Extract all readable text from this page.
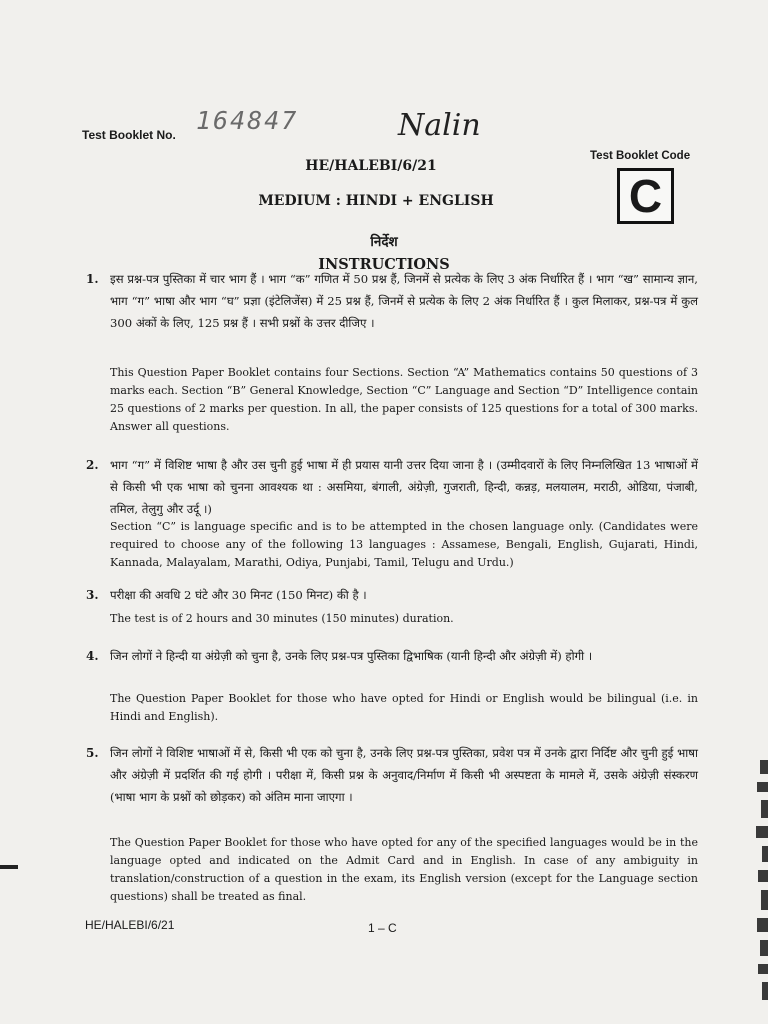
Test Booklet No. 164847	Nalin
Test Booklet Code
C
HE/HALEBI/6/21
MEDIUM : HINDI + ENGLISH
निर्देश
INSTRUCTIONS
1. इस प्रश्न-पत्र पुस्तिका में चार भाग हैं । भाग “क” गणित में 50 प्रश्न हैं, जिनमें से प्रत्येक के लिए 3 अंक निर्धारित हैं । भाग “ख” सामान्य ज्ञान, भाग “ग” भाषा और भाग “घ” प्रज्ञा (इंटेलिजेंस) में 25 प्रश्न हैं, जिनमें से प्रत्येक के लिए 2 अंक निर्धारित हैं । कुल मिलाकर, प्रश्न-पत्र में कुल 300 अंकों के लिए, 125 प्रश्न हैं । सभी प्रश्नों के उत्तर दीजिए ।
This Question Paper Booklet contains four Sections. Section “A” Mathematics contains 50 questions of 3 marks each. Section “B” General Knowledge, Section “C” Language and Section “D” Intelligence contain 25 questions of 2 marks per question. In all, the paper consists of 125 questions for a total of 300 marks. Answer all questions.
2. भाग “ग” में विशिष्ट भाषा है और उस चुनी हुई भाषा में ही प्रयास यानी उत्तर दिया जाना है । (उम्मीदवारों के लिए निम्नलिखित 13 भाषाओं में से किसी भी एक भाषा को चुनना आवश्यक था : असमिया, बंगाली, अंग्रेज़ी, गुजराती, हिन्दी, कन्नड़, मलयालम, मराठी, ओडिया, पंजाबी, तमिल, तेलुगु और उर्दू ।)
Section “C” is language specific and is to be attempted in the chosen language only. (Candidates were required to choose any of the following 13 languages : Assamese, Bengali, English, Gujarati, Hindi, Kannada, Malayalam, Marathi, Odiya, Punjabi, Tamil, Telugu and Urdu.)
3. परीक्षा की अवधि 2 घंटे और 30 मिनट (150 मिनट) की है ।
The test is of 2 hours and 30 minutes (150 minutes) duration.
4. जिन लोगों ने हिन्दी या अंग्रेज़ी को चुना है, उनके लिए प्रश्न-पत्र पुस्तिका द्विभाषिक (यानी हिन्दी और अंग्रेज़ी में) होगी ।
The Question Paper Booklet for those who have opted for Hindi or English would be bilingual (i.e. in Hindi and English).
5. जिन लोगों ने विशिष्ट भाषाओं में से, किसी भी एक को चुना है, उनके लिए प्रश्न-पत्र पुस्तिका, प्रवेश पत्र में उनके द्वारा निर्दिष्ट और चुनी हुई भाषा और अंग्रेज़ी में प्रदर्शित की गई होगी । परीक्षा में, किसी प्रश्न के अनुवाद/निर्माण में किसी भी अस्पष्टता के मामले में, उसके अंग्रेज़ी संस्करण (भाषा भाग के प्रश्नों को छोड़कर) को अंतिम माना जाएगा ।
The Question Paper Booklet for those who have opted for any of the specified languages would be in the language opted and indicated on the Admit Card and in English. In case of any ambiguity in translation/construction of a question in the exam, its English version (except for the Language section questions) shall be treated as final.
HE/HALEBI/6/21	1 – C
